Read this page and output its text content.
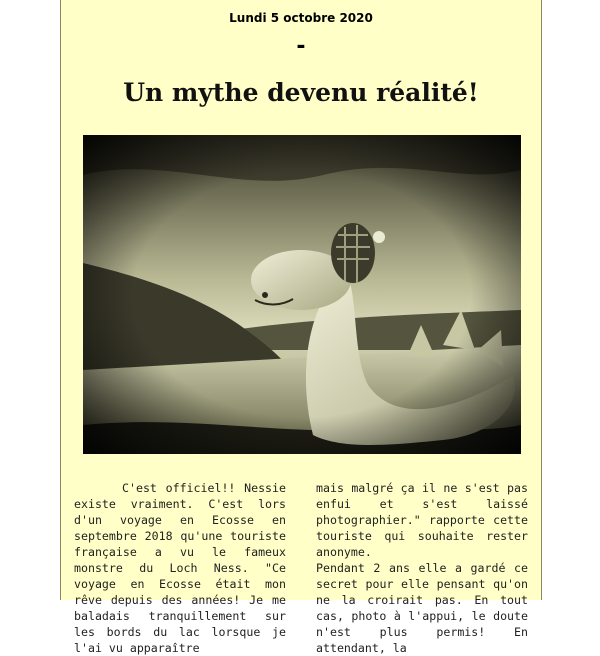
Lundi 5 octobre 2020
-
Un mythe devenu réalité!

C'est officiel!! Nessie existe vraiment. C'est lors d'un voyage en Ecosse en septembre 2018 qu'une touriste française a vu le fameux monstre du Loch Ness. "Ce voyage en Ecosse était mon rêve depuis des années! Je me baladais tranquillement sur les bords du lac lorsque je l'ai vu apparaître

mais malgré ça il ne s'est pas enfui et s'est laissé photographier." rapporte cette touriste qui souhaite rester anonyme.

Pendant 2 ans elle a gardé ce secret pour elle pensant qu'on ne la croirait pas. En tout cas, photo à l'appui, le doute n'est plus permis! En attendant, la
